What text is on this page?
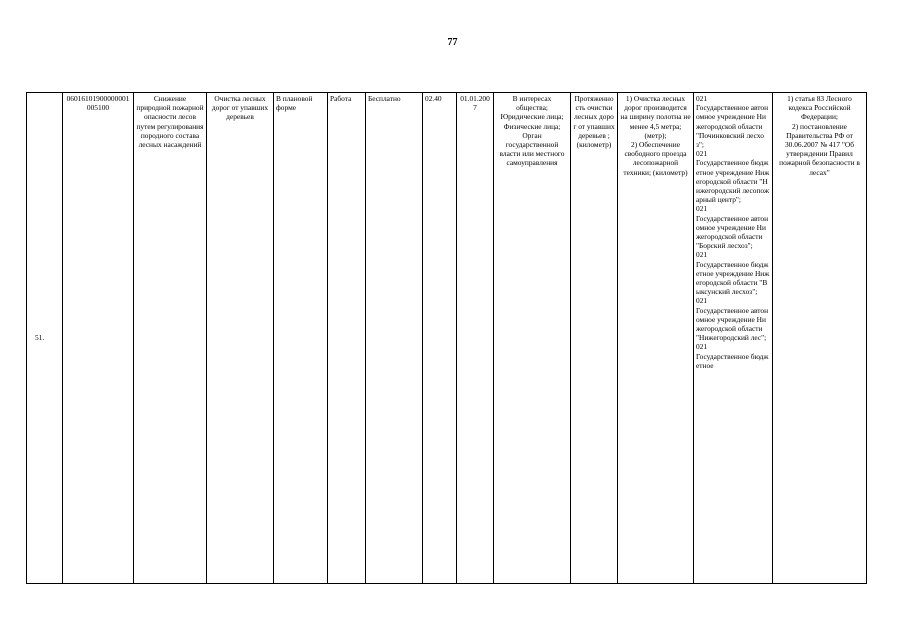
77
51.	06016101900000001005100	Снижение природной пожарной опасности лесов путем регулирования породного состава лесных насаждений	Очистка лесных дорог от упавших деревьев	В плановой форме	Работа	Бесплатно	02.40	01.01.2007	В интересах общества;
Юридические лица;
Физические лица; Орган государственной власти или местного самоуправления	Протяженность очистки лесных дорог от упавших деревьев ;
(километр)	1) Очистка лесных дорог производится на ширину полотна не менее 4,5 метра; (метр);
2) Обеспечение свободного проезда лесопожарной техники; (километр)	021
Государственное автономное учреждение Нижегородской области "Починковский лесхоз";
021
Государственное бюджетное учреждение Нижегородской области "Нижегородский лесопожарный центр";
021
Государственное автономное учреждение Нижегородской области "Борский лесхоз";
021
Государственное бюджетное учреждение Нижегородской области "Выксунский лесхоз";
021
Государственное автономное учреждение Нижегородской области "Нижегородский лес";
021
Государственное бюджетное	1) статья 83 Лесного кодекса Российской Федерации;
2) постановление Правительства РФ от 30.06.2007 № 417 "Об утверждении Правил пожарной безопасности в лесах"
